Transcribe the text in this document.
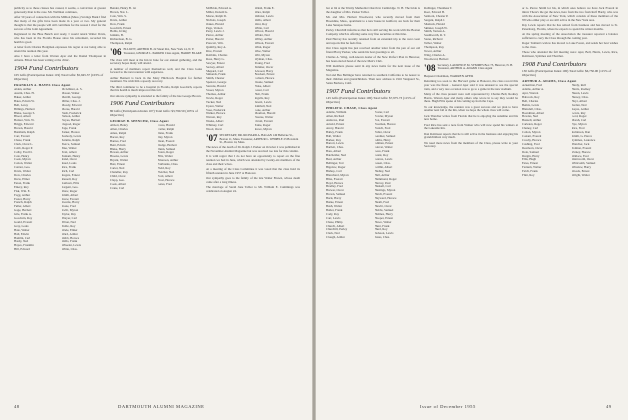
publicity as to these classes has caused, it seems, a conviction of greater generosity than is the case. Mr. Wellman continues,

After 50 years of connection with the Million (Mass.) Savings Bank I find that many of the gifts have been made in a year or two. My general thought is that the people will still contribute for the reason I cited for the success of the Joint Agreement.

Registered in the Blue Bunch and ready, I would return Walter Davis, who has been in the Florida House since his retirement, recorded his health is good.

A letter from Charles Hodgman expresses his regret at not being able to attend the reunion this year.

Also I have a letter from Warren Ayer and the Daniel Thompson in Atlanta. Elliott has been writing at the clinic.

1904 Fund Contributors
105 Gifts (Participation Index 119) Total Gifts: $5,945.37 (103% of Objective)
FRANKLIN A. HAYES Class Agent
Alden, Arthur
Austin, Chas. H.
Baker, Arthur
Bates, Edwin W.
Bell, Leroy
Billings, Herbert
Blake, George S.
Blood, Albert
Bolster, Wm. W.
Briggs, Edward
Brown, Harold
Burnham, Ralph
Carr, Everett
Chase, Frank
Clark, Oscar L.
Cobb, Roger P.
Colby, Fred D.
Cole, Henry
Cook, Myron
Cotton, Walter
Currier, Geo.
Davis, Walter
Dow, Charles
Drew, Elmer
Eaton, Frank
Emery, Roy
Fisk, Wm. E.
Fogg, Arthur
Foster, Harry
French, Ralph
Fuller, Albert
Gage, Herbert
Gile, Frank A.
Goodwin, Roy
Gould, Everett
Gray, Louis
Hale, Walter
Hall, Edwin
Hamlin, Carl
Hardy, Ned
Hayes, Franklin
Hill, Edward
McAllister, A. S.
Mason, Walter
Merrill, George
Miller, Chas. J.
Moody, Edward
Morse, Harold
Nash, Frederick
Nelson, Arthur
Noyes, Herbert
Osgood, Roger
Page, Frank
Parker, Horace
Peabody, Lewis
Perkins, Ralph
Pierce, Samuel
Pike, Walter
Pratt, Albert
Putnam, Henry
Rand, Oscar
Reed, Louis
Rice, Frank
Rich, Carl
Rogers, Ernest
Russell, Roy
Sanborn, Ellis
Sargent, Geo.
Shaw, Roger
Smith, Albert
Snow, Everett
Stearns, Harry
Stone, Fred
Swift, Myron
Taylor, Ray
Thayer, Carl
Tilton, Ned
Tuttle, Roy
Wade, Elmer
Ward, Arthur
Webb, Horace
Wells, Frank
Wheeler, Lewis
White, Chas.
Bender, Henry B. 1st
Brown, Nat. L.
Cole, Wm. S.
Davis, Arthur
Dow, Frank
Goodrich, Ernest
Hollis, Irving
Jenkins, B.
Richardson, B. G.
Thompson, Ralph
'06 ELLIOTT, ARTHUR B. 22 Stuart Rd., New York 14, N. Y. Treasurer, GEORGE L. PARKER Class Agent, HARRY BLAKE

The class will meet at the Inn in June for our annual gathering, and the secretary hopes many will attend.

A number of members report themselves well, and the Class looks forward to the next reunion with eagerness.

Arthur Bennett is back in the Mary Hitchcock Hospital for further treatment. We wish him a speedy recovery.

The third commuter to be a hospital in Florida, Ralph Goodrich, reports that his health is much improved this fall.

Our sincere sympathy is extended to the family of the late George Brown.

1906 Fund Contributors
80 Gifts (Participation Index 107) Total Gifts: $3,790.50 (103% of Objective)
GEORGE B. SPENCER, Class Agent
Abbott, Henry
Allen, Charles
Ames, Ralph
Bacon, Roy
Barnes, Fred
Bent, Edwin
Blake, Harry
Bowen, Arthur
Brooks, Lewis
Bryant, Walter
Burr, Ernest
Carter, Ned
Chandler, Roy
Child, Oscar
Clapp, Geo.
Cook, Albert
Crane, Carl
Cross, Harold
Cutler, Ralph
Dana, Frank
Day, Myron
Dean, Everett
Dodge, Herbert
Dunn, Samuel
Eaton, Roger
Ellis, Walter
Emerson, Arthur
Fairbanks, Chas.
Field, Roy
Fletcher, Ned
Ford, Albert
Frost, Horace
Gates, Fred
McBride, Edward A.
Miller, Donald G.
Morse, Ralph D.
Nichols, Joseph
Oakes, Harold
Page, Vernon
Perry, Lewis J.
Pierce, Arthur
Potter, Harold
Prescott, Wm.
Quimby, Roy A.
Rice, Everett
Robbins, Charles
Ross, Harry G.
Sawyer, Ernest
Seavey, Albert
Shepard, Carl
Simonds, Frank
Smith, Chester
Spencer, George
Stevens, Harold
Sweet, Myron
Thomas, Arthur
Towle, Roger
Tucker, Ned
Upton, Walter
Vose, Frederick
Walker, Horace
Warren, Roy
Weeks, Albert
Whitney, Carl
Wood, Oscar
Walsh, Frank E.
Ware, Ralph
Webster, Lewis
Wells, Albert
West, Roy
White, Carl
Wilcox, Harold
Wilder, Ned
Willey, Arthur
Wilson, Everett
Winn, Roger
Wise, Walter
Witt, Myron
Wyman, Chas.
Young, Fred
Zimmer, Oscar
Atwood, Harry
Brackett, Ernest
Coburn, Horace
Doane, Samuel
Fiske, Albert
Grout, Carl
Holt, Frank
Ingalls, Roy
Jewett, Lewis
Kimball, Ned
Lane, Arthur
Moulton, Harold
Nourse, Walter
Orcutt, Everett
Paine, Roger
Rowe, Myron
'07 SECRETARY, DR. RICHARD A. HAGAN 149 Bellevue St., Boston 11, Mass. Treasurer, ARTHUR L. WHIPPLE 23 Bowdoin St., Boston 14, Mass.

The news of the death of Dr. Ralph J. Parker on October 2 was published in the November Alumni Magazine but was received too late for this column.

It is with regret that I do not have an opportunity to report on the fine reunion we had in June, which was attended by twenty-six members of the class and their wives.

At a meeting of the Class Committee it was voted that the class hold its fiftieth reunion in June 1957 at Hanover.

Our sympathy goes to the family of the late Walter Brown, whose death came after a long illness.

The marriage of Sarah Jane Talbot to Mr. William E. Cummings was celebrated on August 24.

48	DARTMOUTH ALUMNI MAGAZINE

bar at 94 at the Trinity Methodist Church in Cambridge. N. H. The bride is the daughter of Mrs. Parker Talbot.

Mr. and Mrs. Herbert Woodward, who recently moved from their Brookline, Mass., apartment to a new house in Guilford, are back for their Lake Sunapee home.

Perley Churchill informs us that he is still serving his work with the Boston Company which is offering some very fine securities at this time.

Paul Harvey has recently returned from an extended trip to the west coast and reports that he feels fine.

Our Class Agent has just received another letter from the pen of our old friend Harry Parker, who sends his best greetings to all.

Charles A. Wing, well-known dealer of the New Perfect Plan in Hanover, has been elected head of the new Men's Club.

Will members please send in any news items for the next issue of the Magazine.

Ted and Bea Bellinger have returned to southern California to be nearer to their children and grandchildren. Their new address is 1916 Vanguard St., Santa Barbara, Calif.

1907 Fund Contributors
145 Gifts (Participation Index 100) Total Gifts: $7,975.73 (115% of Objective)
PHILIP R. CHASE, Class Agent
Adams, William
Allen, Richard
Andrews, Paul
Arnold, Ernest
Avery, Harold
Bailey, Frank
Ball, Walter
Barker, Roy
Barrett, Lewis
Bartlett, Chas.
Bass, Albert
Batchelder, Ned
Beal, Arthur
Bellinger, Ted
Bigelow, Roger
Bishop, Carl
Blanchard, Myron
Bliss, Everett
Boyd, Horace
Bradley, Fred
Brewer, Oscar
Brown, Samuel
Buck, Harry
Burke, Ernest
Bush, Walter
Butler, Frank
Cady, Roy
Carr, Lewis
Chase, Philip
Church, Albert
Churchill, Perley
Clark, Ned
Clough, Arthur
Foster, Carl
Fowler, Myron
Fox, Everett
Freeman, Horace
French, Fred
Fuller, Oscar
Gardner, Samuel
Gibbs, Harry
Gilman, Ernest
Glover, Walter
Goss, Frank
Grant, Roy
Graves, Lewis
Green, Chas.
Griffin, Albert
Hadley, Ned
Hall, Arthur
Hammond, Roger
Harvey, Paul
Haskell, Carl
Hastings, Myron
Hatch, Everett
Hayward, Horace
Heath, Fred
Hewitt, Oscar
Hobbs, Samuel
Holmes, Harry
Hooper, Ernest
Howe, Walter
Hunt, Frank
Hurd, Roy
Jackson, Lewis
Jones, Chas.
Rollinger, Thaddeus T.
Root, Edward B.
Sanborn, Chester P.
Sargent, Ralph J.
Shattuck, Harold
Skinner, Joseph W.
Smith, Vernon A.
Southworth, R. T.
Stone, Richard
Talbot, Walter
Thompson, Roy
Tower, Arthur
Wing, Charles A.
Woodward, Herbert
'08 Secretary, LAURENCE M. SYMMES Box 73, Hanover, N. H. Treasurer, ARTHUR A. ADAMS Class Agent
Bequest Chairman, WARREN AYER

Returning too soon to the Harvard game at Hanover, the class record this year was the finest - General Ayer said it was unusual to see the special train, and a very rare occasion was to go to a game in the new stadium.

Many of the class present were well represented by Charles Bell, Rodney Harris, Warren Ayer and many others who wrote in to say they would be there. Hugh Ellis spoke of his coming up from the Cape.

To our knowledge, the reunion was a great success and we plan to have another next fall at the Inn, when we hope the whole class will come.

Jack Thatcher writes from Florida that he is enjoying the sunshine and his new home.

Fred Rice has sent a note from Walker who will now spend his winters at the Lakeside Inn.

Dan Robinson reports that he is still active in the business and enjoying his grandchildren very much.

We need more news from the members of the Class, please write to your Secretary.

or G. Pierce Smith for his, in which ones believe we have Jack Everett in mind. There's the get the news, here from the two from Rolf Hardy, who was with the Association of New York, which consists of these members of the '08 who either play or are still active in the New York area.

Ray Lewis reports that he has retired from business and has moved to St. Petersburg, Florida, where he expects to spend the winter months.

At the spring meeting of the Association the treasurer reported a balance sufficient to carry the Class through the coming year.

Roger Tolman's widow has moved to Lake Forest, and sends her best wishes to the class.

Those who attended the fall meeting were: Ayer, Bell, Harris, Lewis, Rice, Robinson, Symmes and Thatcher.

1908 Fund Contributors
130 Gifts (Participation Index 100) Total Gifts: $6,750.00 (115% of Objective)
ARTHUR A. ADAMS, Class Agent
Ackerman, Fred
Adams, Arthur A.
Ayer, Warren
Babcock, Roy
Bell, Charles
Bemis, Lewis
Blaisdell, Chas.
Boardman, Albert
Bowles, Ned
Buzzell, Arthur
Carleton, Roger
Cheney, Carl
Colton, Myron
Conant, Everett
Crosby, Horace
Cushing, Fred
Dearborn, Oscar
Dole, Samuel
Durgin, Harry
Ellis, Hugh
Estes, Ernest
Farnum, Walter
Felch, Frank
Flint, Roy
Hardy, Rolf
Harris, Rodney
Hazen, Lewis
Hersey, Chas.
Hoyt, Albert
Jordan, Ned
Keyes, Arthur
Lewis, Ray
Lord, Roger
Marsh, Carl
Nye, Myron
Rice, Fred
Robinson, Dan
Smith, G. Pierce
Symmes, Laurence
Thatcher, Jack
Tolman, Everett
Varney, Horace
Wallace, Fred
Wentworth, Oscar
Whitcomb, Samuel
Winslow, Harry
Woods, Ernest
Wright, Walter
Issue of December 1955	49
